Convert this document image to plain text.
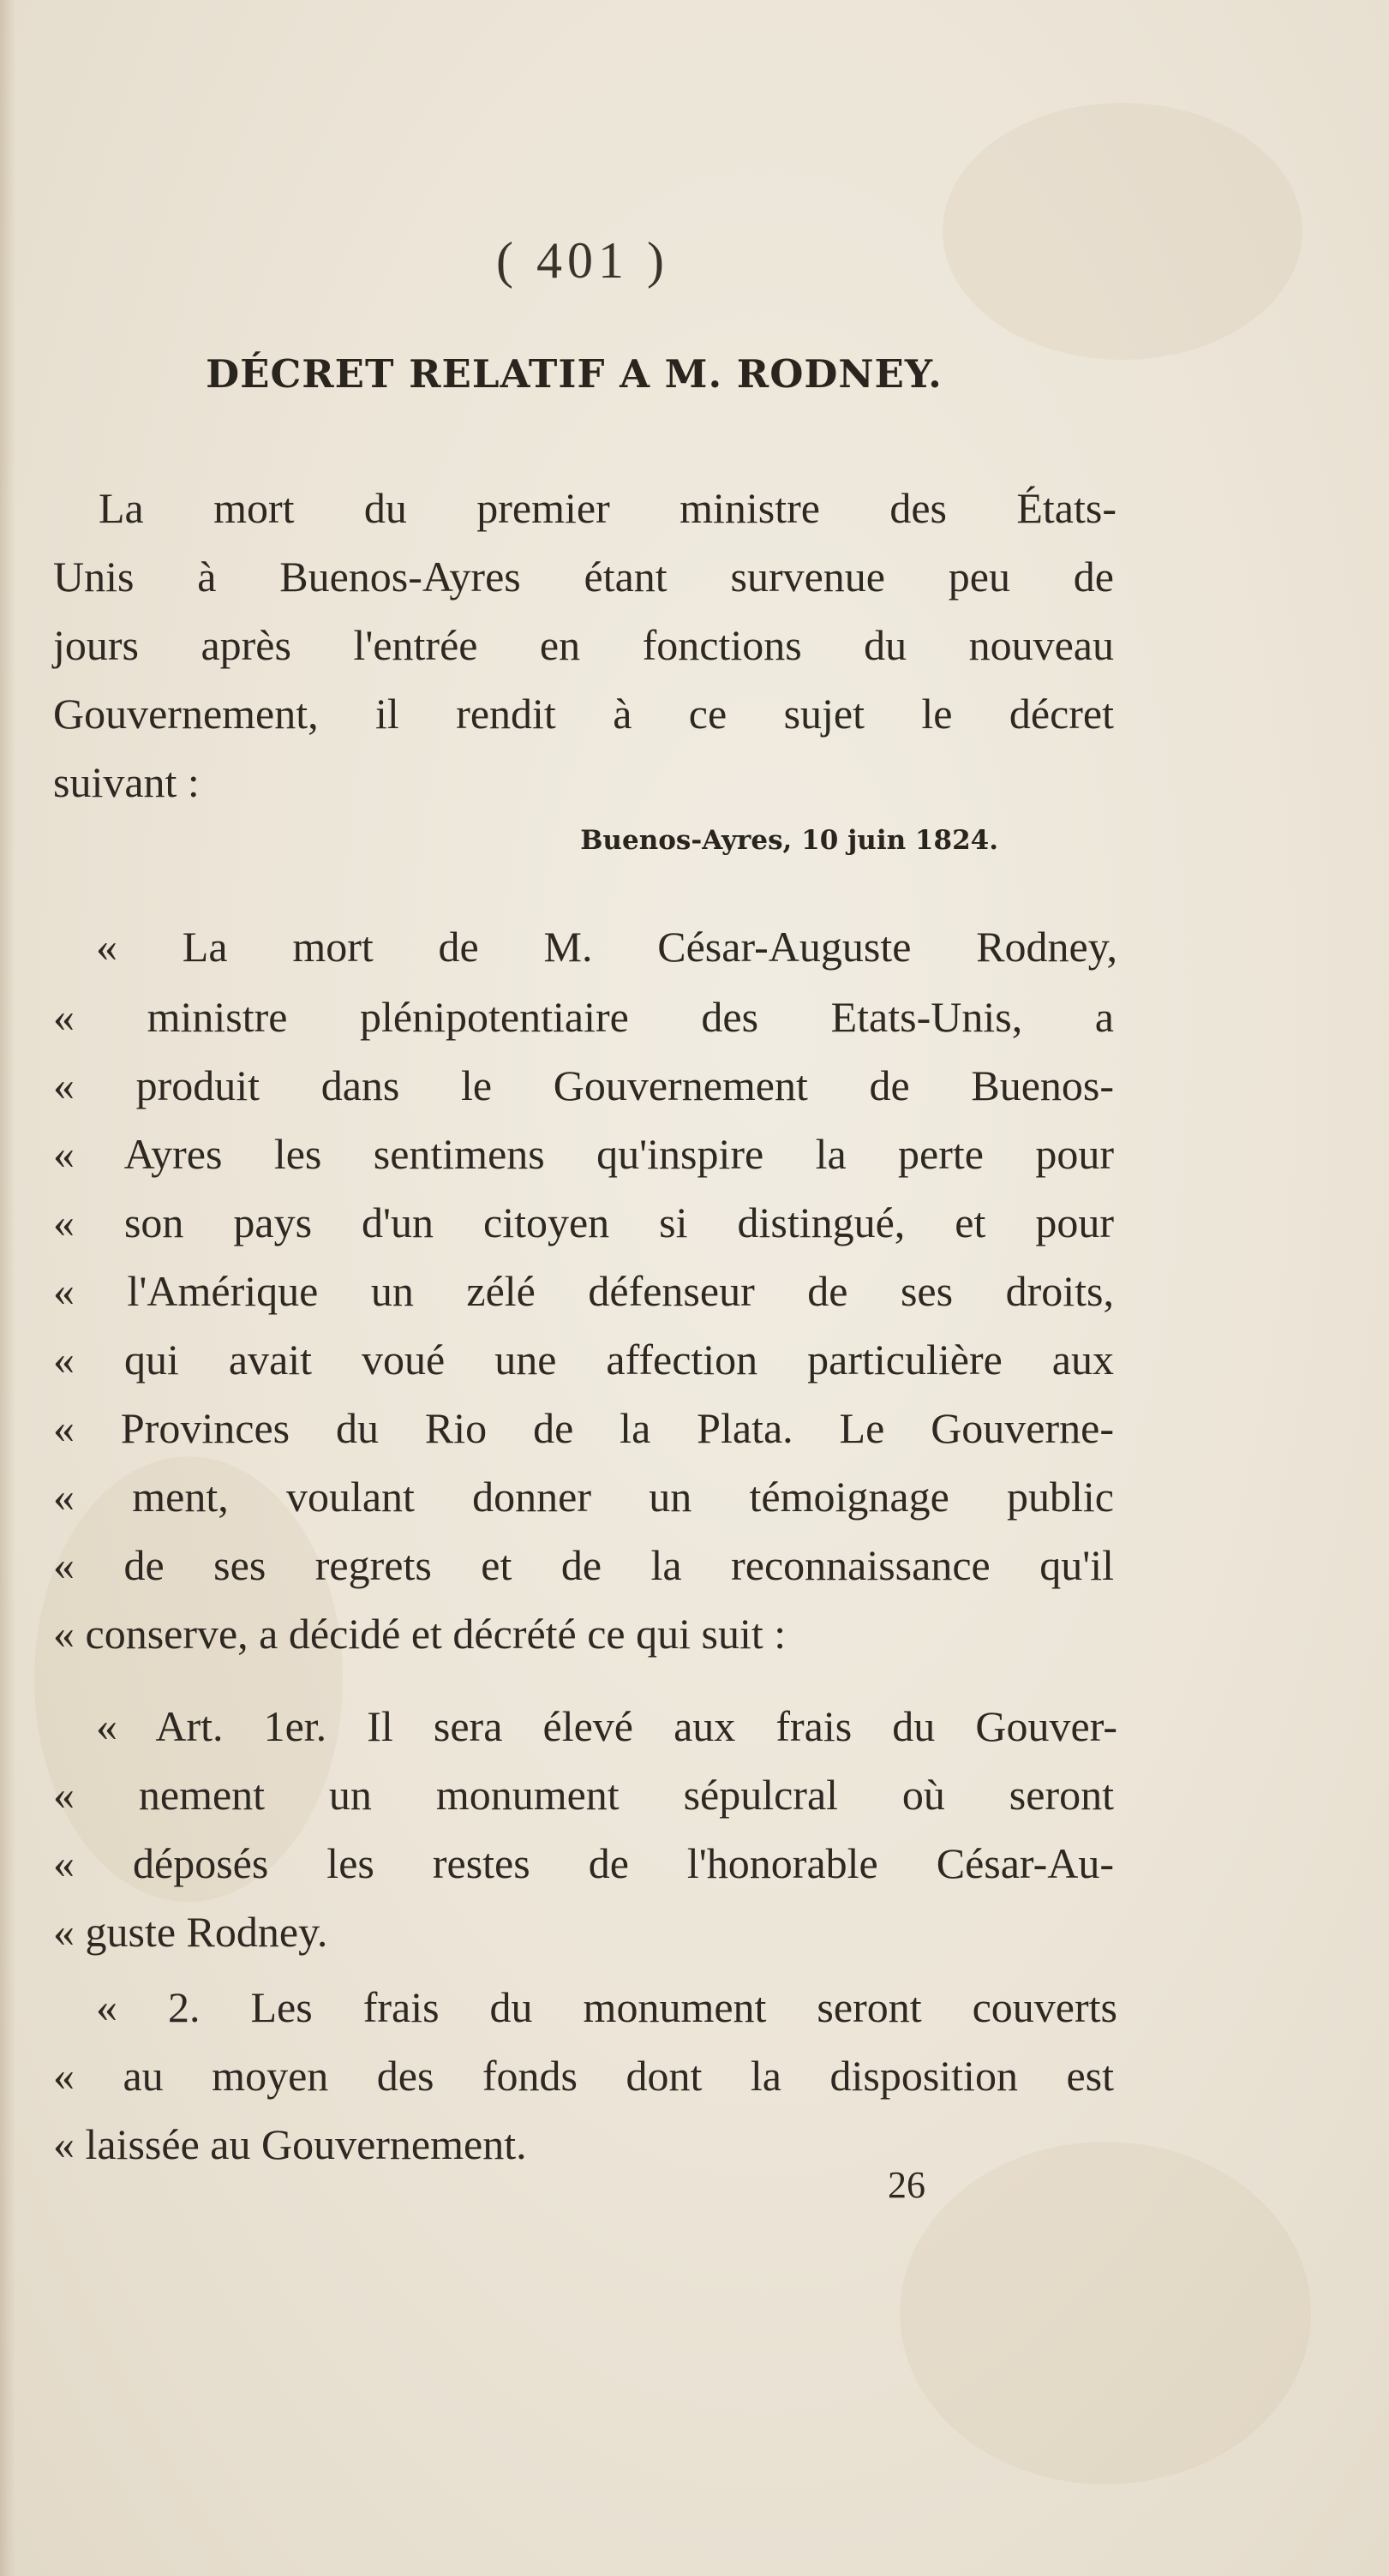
( 401 )
DÉCRET RELATIF A M. RODNEY.
La mort du premier ministre des États-
Unis à Buenos-Ayres étant survenue peu de
jours après l'entrée en fonctions du nouveau
Gouvernement, il rendit à ce sujet le décret
suivant :
Buenos-Ayres, 10 juin 1824.
« La mort de M. César-Auguste Rodney,
« ministre plénipotentiaire des Etats-Unis, a
« produit dans le Gouvernement de Buenos-
« Ayres les sentimens qu'inspire la perte pour
« son pays d'un citoyen si distingué, et pour
« l'Amérique un zélé défenseur de ses droits,
« qui avait voué une affection particulière aux
« Provinces du Rio de la Plata. Le Gouverne-
« ment, voulant donner un témoignage public
« de ses regrets et de la reconnaissance qu'il
« conserve, a décidé et décrété ce qui suit :
« Art. 1er. Il sera élevé aux frais du Gouver-
« nement un monument sépulcral où seront
« déposés les restes de l'honorable César-Au-
« guste Rodney.
« 2. Les frais du monument seront couverts
« au moyen des fonds dont la disposition est
« laissée au Gouvernement.
26
